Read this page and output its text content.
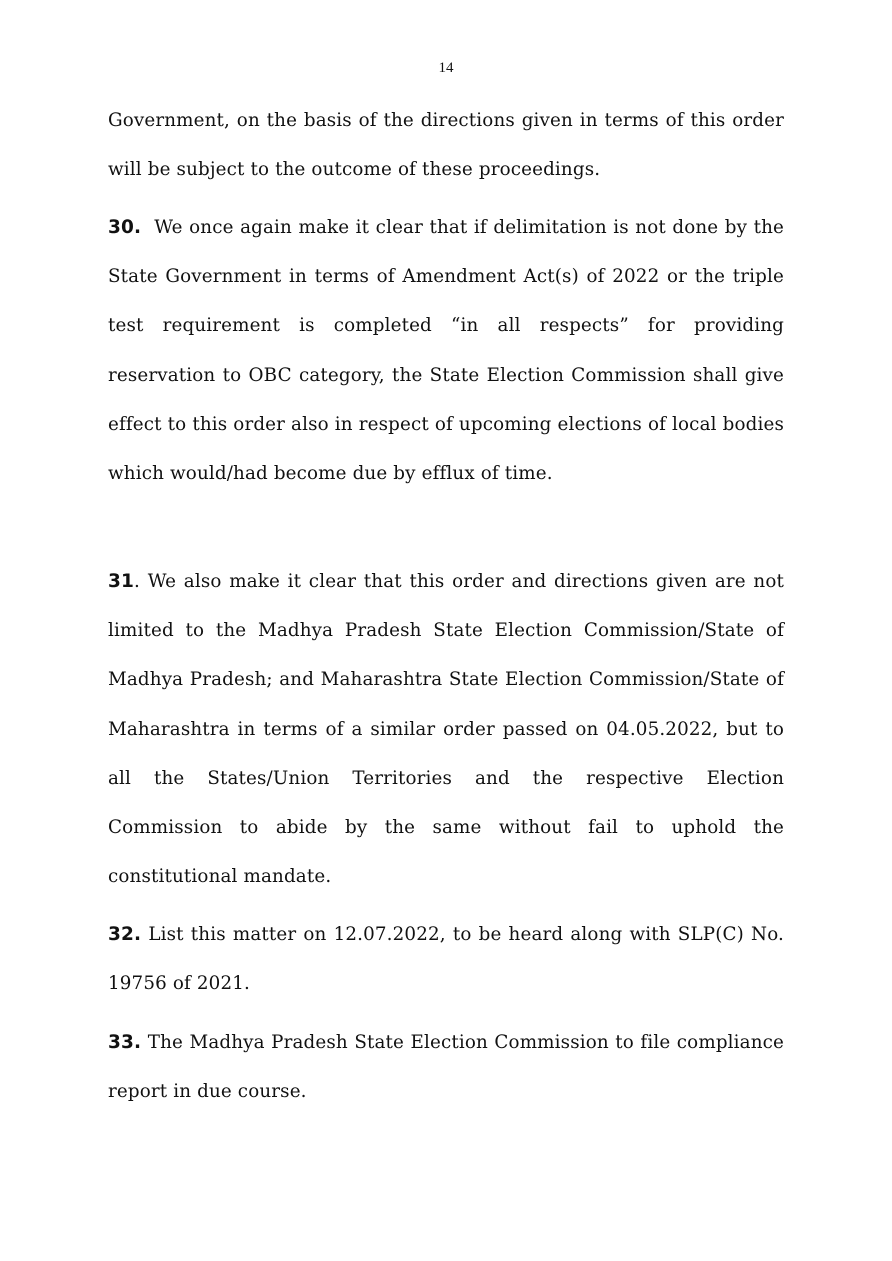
14

Government, on the basis of the directions given in terms of this order will be subject to the outcome of these proceedings.

30. We once again make it clear that if delimitation is not done by the State Government in terms of Amendment Act(s) of 2022 or the triple test requirement is completed “in all respects” for providing reservation to OBC category, the State Election Commission shall give effect to this order also in respect of upcoming elections of local bodies which would/had become due by efflux of time.

31. We also make it clear that this order and directions given are not limited to the Madhya Pradesh State Election Commission/State of Madhya Pradesh; and Maharashtra State Election Commission/State of Maharashtra in terms of a similar order passed on 04.05.2022, but to all the States/Union Territories and the respective Election Commission to abide by the same without fail to uphold the constitutional mandate.

32. List this matter on 12.07.2022, to be heard along with SLP(C) No. 19756 of 2021.

33. The Madhya Pradesh State Election Commission to file compliance report in due course.
